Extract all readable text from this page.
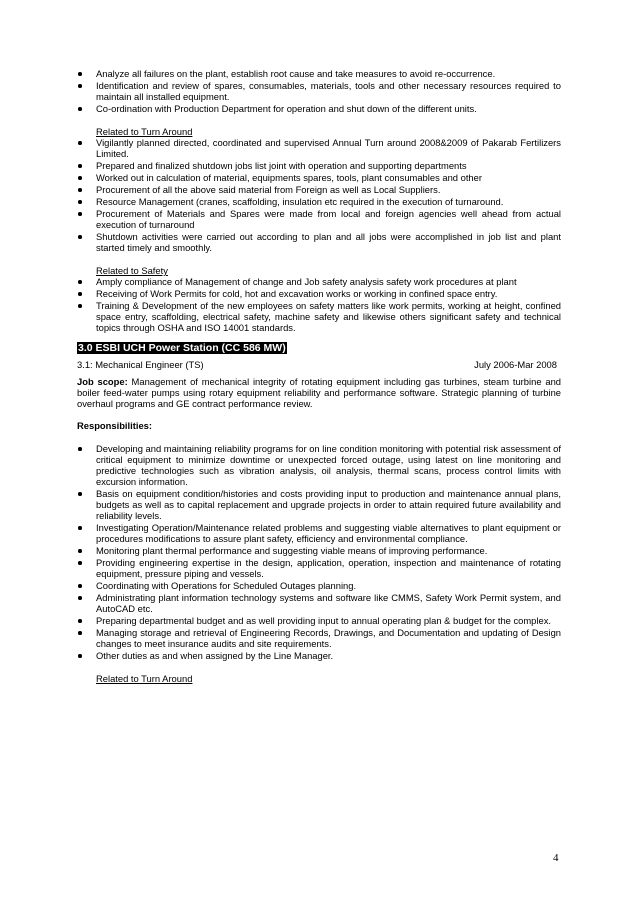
Analyze all failures on the plant, establish root cause and take measures to avoid re-occurrence.
Identification and review of spares, consumables, materials, tools and other necessary resources required to maintain all installed equipment.
Co-ordination with Production Department for operation and shut down of the different units.

Related to Turn Around

Vigilantly planned directed, coordinated and supervised Annual Turn around 2008&2009 of Pakarab Fertilizers Limited.
Prepared and finalized shutdown jobs list joint with operation and supporting departments
Worked out in calculation of material, equipments spares, tools, plant consumables and other
Procurement of all the above said material from Foreign as well as Local Suppliers.
Resource Management (cranes, scaffolding, insulation etc required in the execution of turnaround.
Procurement of Materials and Spares were made from local and foreign agencies well ahead from actual execution of turnaround
Shutdown activities were carried out according to plan and all jobs were accomplished in job list and plant started timely and smoothly.

Related to Safety

Amply compliance of Management of change and Job safety analysis safety work procedures at plant
Receiving of Work Permits for cold, hot and excavation works or working in confined space entry.
Training & Development of the new employees on safety matters like work permits, working at height, confined space entry, scaffolding, electrical safety, machine safety and likewise others significant safety and technical topics through OSHA and ISO 14001 standards.

3.0 ESBI UCH Power Station (CC 586 MW)

3.1: Mechanical Engineer (TS)	July 2006-Mar 2008

Job scope: Management of mechanical integrity of rotating equipment including gas turbines, steam turbine and boiler feed-water pumps using rotary equipment reliability and performance software. Strategic planning of turbine overhaul programs and GE contract performance review.

Responsibilities:

Developing and maintaining reliability programs for on line condition monitoring with potential risk assessment of critical equipment to minimize downtime or unexpected forced outage, using latest on line monitoring and predictive technologies such as vibration analysis, oil analysis, thermal scans, process control limits with excursion information.
Basis on equipment condition/histories and costs providing input to production and maintenance annual plans, budgets as well as to capital replacement and upgrade projects in order to attain required future availability and reliability levels.
Investigating Operation/Maintenance related problems and suggesting viable alternatives to plant equipment or procedures modifications to assure plant safety, efficiency and environmental compliance.
Monitoring plant thermal performance and suggesting viable means of improving performance.
Providing engineering expertise in the design, application, operation, inspection and maintenance of rotating equipment, pressure piping and vessels.
Coordinating with Operations for Scheduled Outages planning.
Administrating plant information technology systems and software like CMMS, Safety Work Permit system, and AutoCAD etc.
Preparing departmental budget and as well providing input to annual operating plan & budget for the complex.
Managing storage and retrieval of Engineering Records, Drawings, and Documentation and updating of Design changes to meet insurance audits and site requirements.
Other duties as and when assigned by the Line Manager.

Related to Turn Around

4
